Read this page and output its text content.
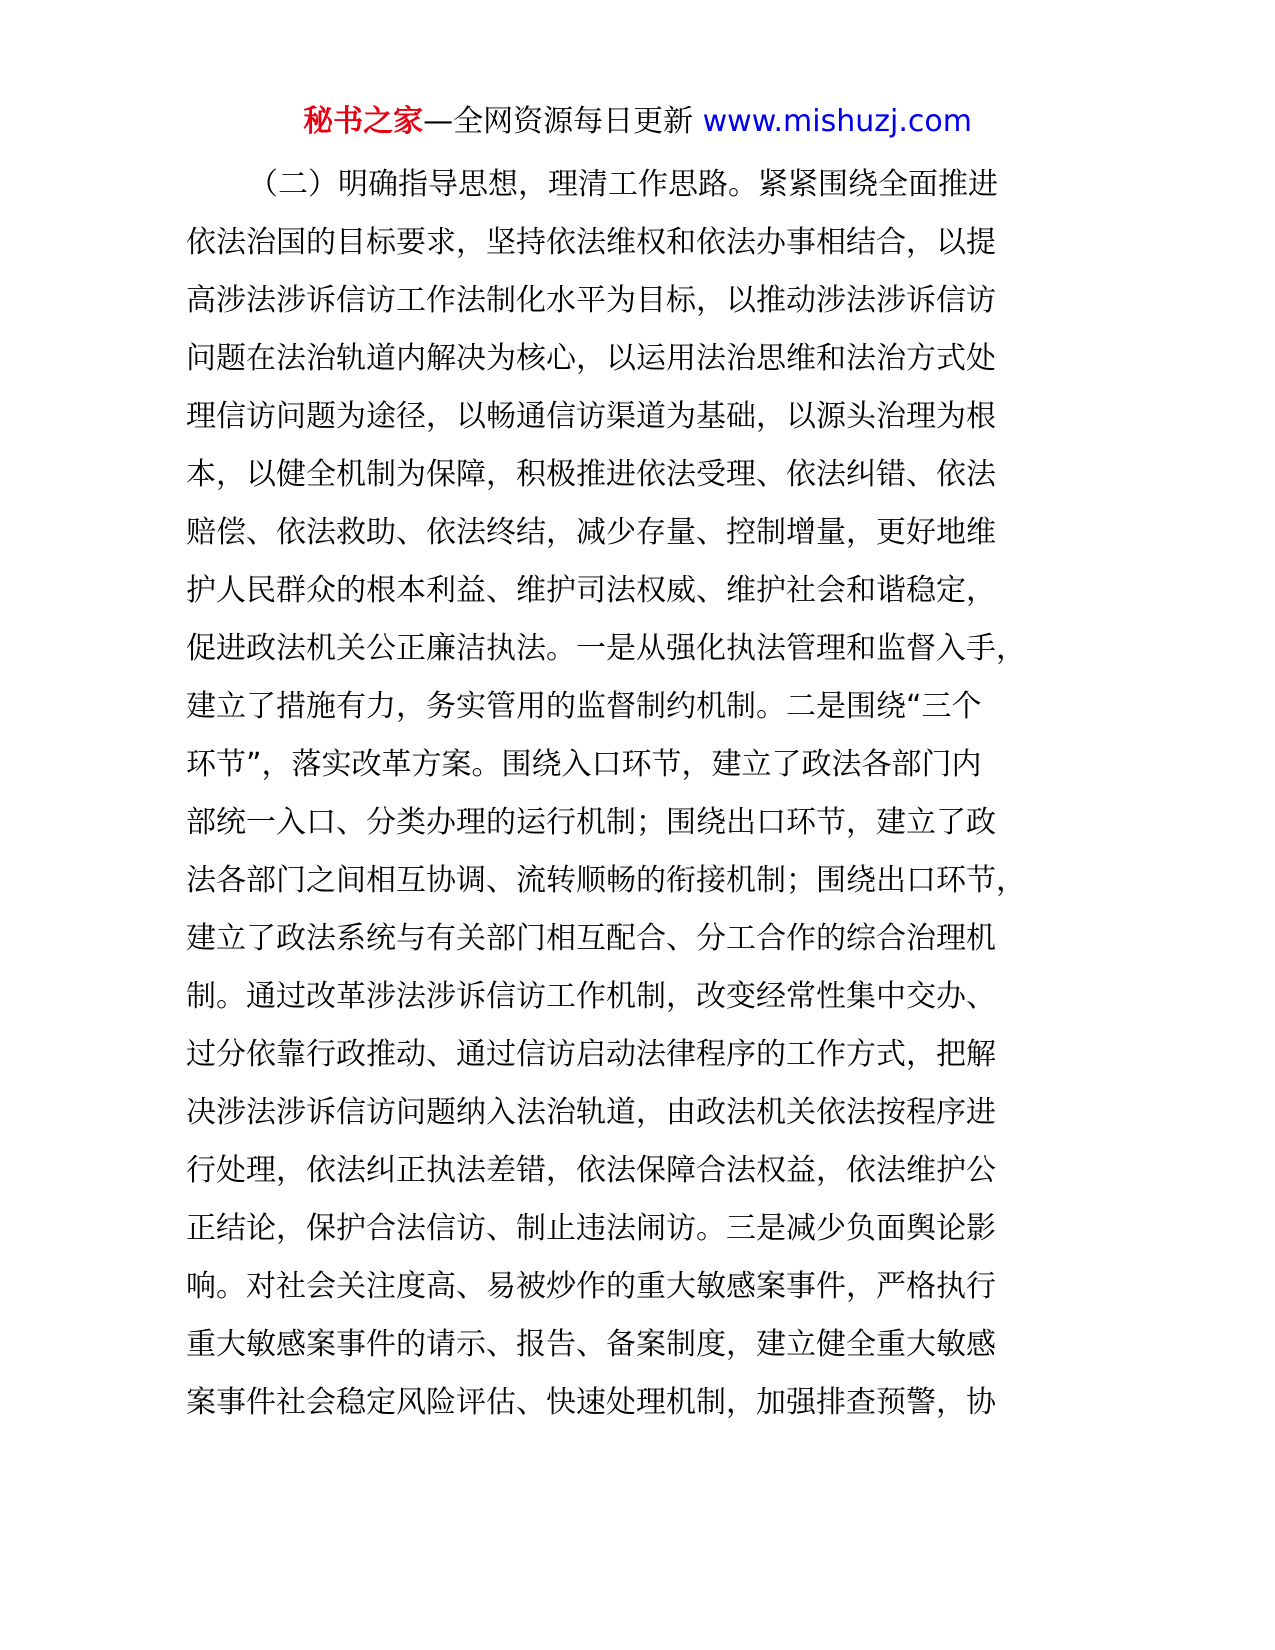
秘书之家—全网资源每日更新 www.mishuzj.com
（二）明确指导思想，理清工作思路。紧紧围绕全面推进
依法治国的目标要求，坚持依法维权和依法办事相结合，以提
高涉法涉诉信访工作法制化水平为目标，以推动涉法涉诉信访
问题在法治轨道内解决为核心，以运用法治思维和法治方式处
理信访问题为途径，以畅通信访渠道为基础，以源头治理为根
本，以健全机制为保障，积极推进依法受理、依法纠错、依法
赔偿、依法救助、依法终结，减少存量、控制增量，更好地维
护人民群众的根本利益、维护司法权威、维护社会和谐稳定，
促进政法机关公正廉洁执法。一是从强化执法管理和监督入手，
建立了措施有力，务实管用的监督制约机制。二是围绕“三个
环节”，落实改革方案。围绕入口环节，建立了政法各部门内
部统一入口、分类办理的运行机制；围绕出口环节，建立了政
法各部门之间相互协调、流转顺畅的衔接机制；围绕出口环节，
建立了政法系统与有关部门相互配合、分工合作的综合治理机
制。通过改革涉法涉诉信访工作机制，改变经常性集中交办、
过分依靠行政推动、通过信访启动法律程序的工作方式，把解
决涉法涉诉信访问题纳入法治轨道，由政法机关依法按程序进
行处理，依法纠正执法差错，依法保障合法权益，依法维护公
正结论，保护合法信访、制止违法闹访。三是减少负面舆论影
响。对社会关注度高、易被炒作的重大敏感案事件，严格执行
重大敏感案事件的请示、报告、备案制度，建立健全重大敏感
案事件社会稳定风险评估、快速处理机制，加强排查预警，协
